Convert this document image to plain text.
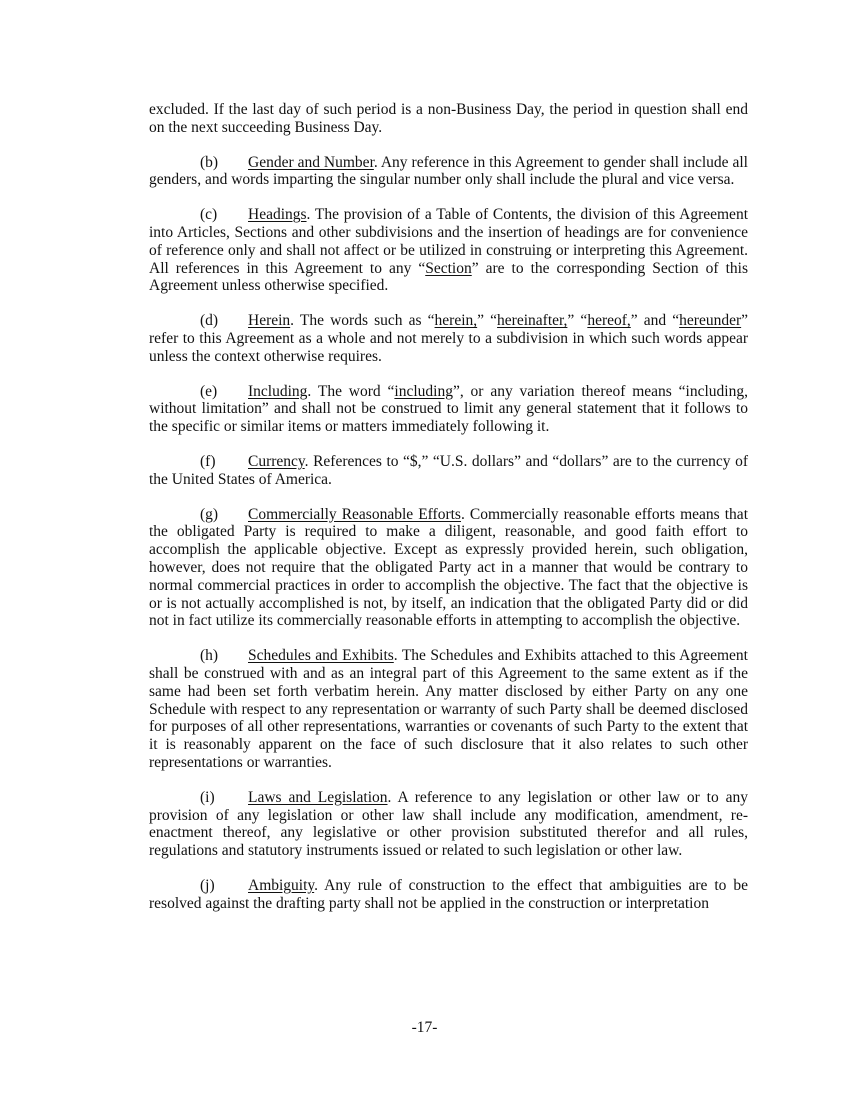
excluded. If the last day of such period is a non-Business Day, the period in question shall end on the next succeeding Business Day.

(b) Gender and Number. Any reference in this Agreement to gender shall include all genders, and words imparting the singular number only shall include the plural and vice versa.

(c) Headings. The provision of a Table of Contents, the division of this Agreement into Articles, Sections and other subdivisions and the insertion of headings are for convenience of reference only and shall not affect or be utilized in construing or interpreting this Agreement. All references in this Agreement to any “Section” are to the corresponding Section of this Agreement unless otherwise specified.

(d) Herein. The words such as “herein,” “hereinafter,” “hereof,” and “hereunder” refer to this Agreement as a whole and not merely to a subdivision in which such words appear unless the context otherwise requires.

(e) Including. The word “including”, or any variation thereof means “including, without limitation” and shall not be construed to limit any general statement that it follows to the specific or similar items or matters immediately following it.

(f) Currency. References to “$,” “U.S. dollars” and “dollars” are to the currency of the United States of America.

(g) Commercially Reasonable Efforts. Commercially reasonable efforts means that the obligated Party is required to make a diligent, reasonable, and good faith effort to accomplish the applicable objective. Except as expressly provided herein, such obligation, however, does not require that the obligated Party act in a manner that would be contrary to normal commercial practices in order to accomplish the objective. The fact that the objective is or is not actually accomplished is not, by itself, an indication that the obligated Party did or did not in fact utilize its commercially reasonable efforts in attempting to accomplish the objective.

(h) Schedules and Exhibits. The Schedules and Exhibits attached to this Agreement shall be construed with and as an integral part of this Agreement to the same extent as if the same had been set forth verbatim herein. Any matter disclosed by either Party on any one Schedule with respect to any representation or warranty of such Party shall be deemed disclosed for purposes of all other representations, warranties or covenants of such Party to the extent that it is reasonably apparent on the face of such disclosure that it also relates to such other representations or warranties.

(i) Laws and Legislation. A reference to any legislation or other law or to any provision of any legislation or other law shall include any modification, amendment, re-enactment thereof, any legislative or other provision substituted therefor and all rules, regulations and statutory instruments issued or related to such legislation or other law.

(j) Ambiguity. Any rule of construction to the effect that ambiguities are to be resolved against the drafting party shall not be applied in the construction or interpretation

-17-
